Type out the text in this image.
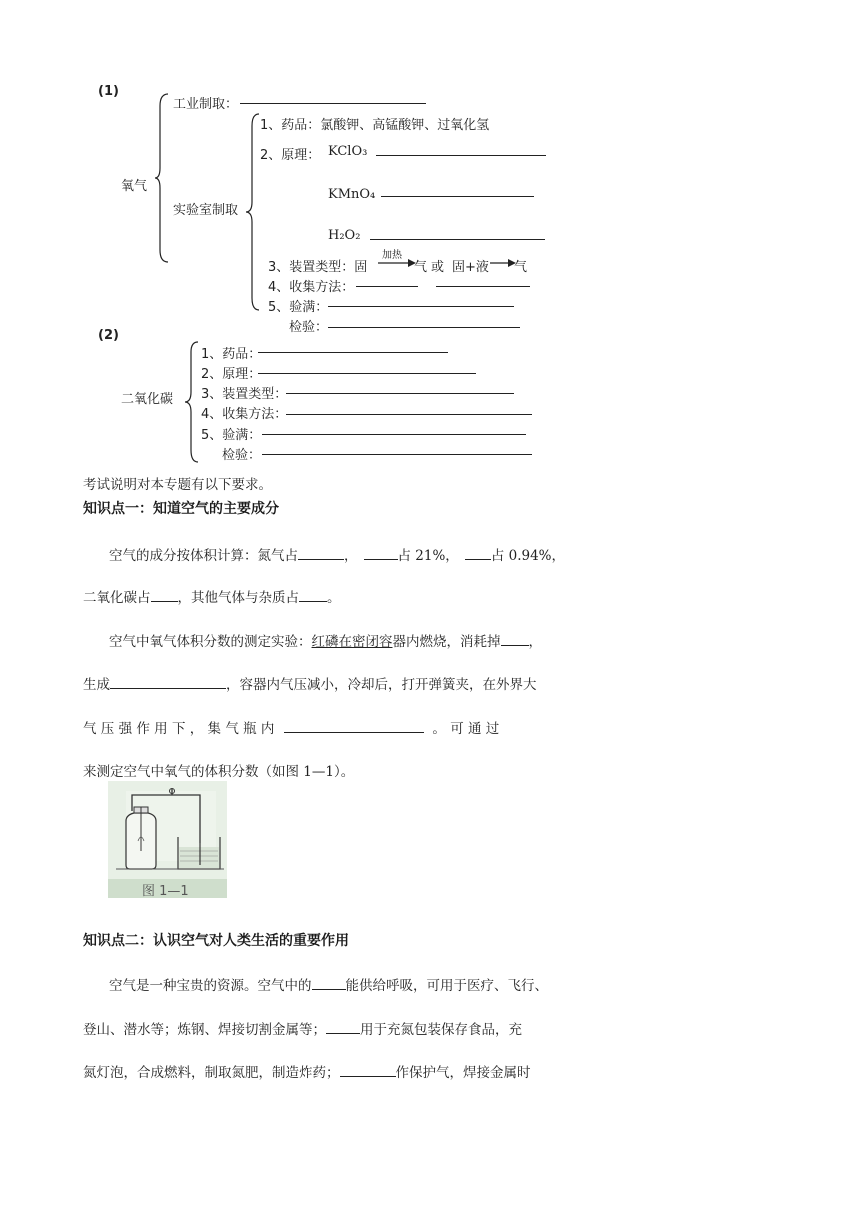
(1)
氧气
工业制取：
实验室制取
1、药品：氯酸钾、高锰酸钾、过氧化氢
2、原理： KClO₃
KMnO₄
H₂O₂
3、装置类型：固
加热
气 或 固+液 气
4、收集方法：
5、验满：
检验：
(2)
二氧化碳
1、药品：
2、原理：
3、装置类型：
4、收集方法：
5、验满：
检验：
考试说明对本专题有以下要求。
知识点一：知道空气的主要成分
空气的成分按体积计算：氮气占	，	占 21%， 占 0.94%，
二氧化碳占 ，其他气体与杂质占 。
空气中氧气体积分数的测定实验：红磷在密闭容器内燃烧，消耗掉 ，
生成	，容器内气压减小，冷却后，打开弹簧夹，在外界大
气 压 强 作 用 下 ， 集 气 瓶 内	。 可 通 过
来测定空气中氧气的体积分数（如图 1—1）。
图 1—1
知识点二：认识空气对人类生活的重要作用
空气是一种宝贵的资源。空气中的	能供给呼吸，可用于医疗、飞行、
登山、潜水等；炼钢、焊接切割金属等；	用于充氮包装保存食品，充
氮灯泡，合成燃料，制取氮肥，制造炸药；	作保护气，焊接金属时
